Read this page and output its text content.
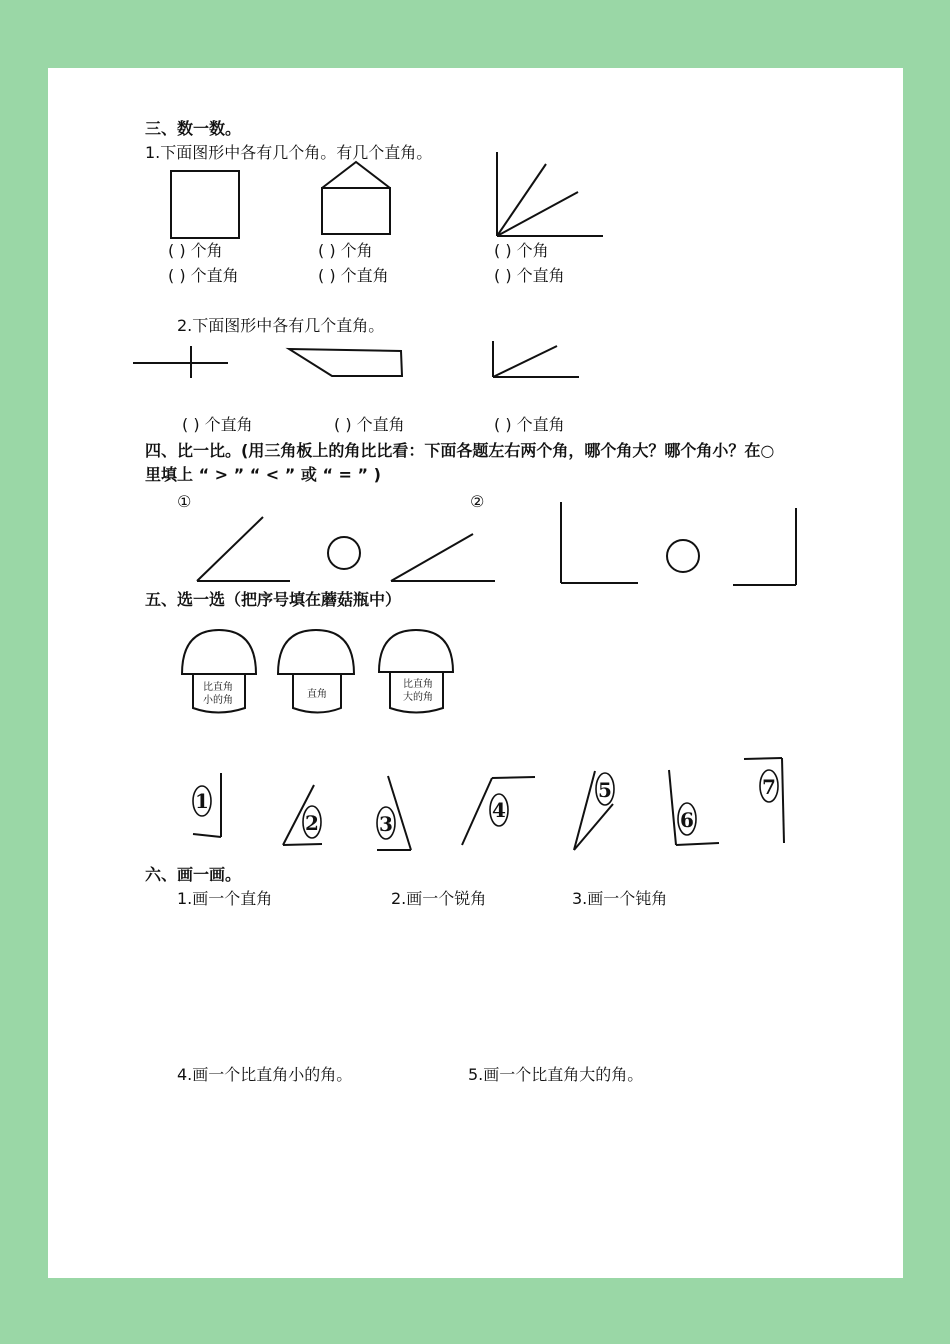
三、数一数。
1.下面图形中各有几个角。有几个直角。
( ) 个角
( ) 个直角
( ) 个角
( ) 个直角
( ) 个角
( ) 个直角
2.下面图形中各有几个直角。
( ) 个直角	( ) 个直角	( ) 个直角
四、比一比。(用三角板上的角比比看：下面各题左右两个角，哪个角大？哪个角小？在○
里填上 “ > ” “ < ” 或 “ = ” )
①	②
五、选一选（把序号填在蘑菇瓶中）
比直角
小的角
直角
比直角
大的角
六、画一画。
1.画一个直角	2.画一个锐角	3.画一个钝角
4.画一个比直角小的角。	5.画一个比直角大的角。
1
2	3
4
5
6
7
